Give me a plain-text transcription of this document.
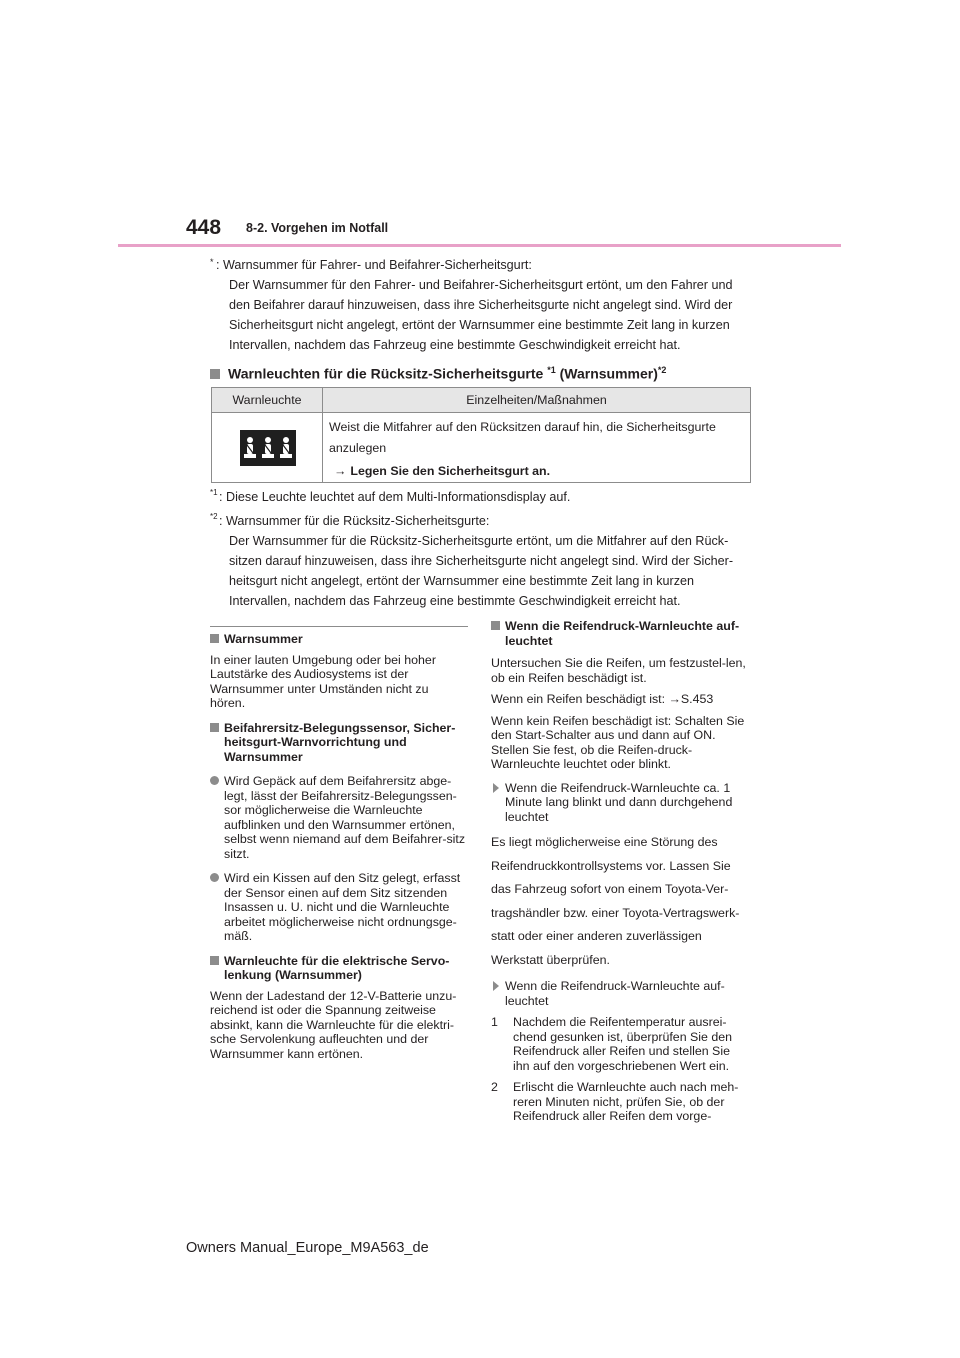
448 8-2. Vorgehen im Notfall
* : Warnsummer für Fahrer- und Beifahrer-Sicherheitsgurt:
Der Warnsummer für den Fahrer- und Beifahrer-Sicherheitsgurt ertönt, um den Fahrer und
den Beifahrer darauf hinzuweisen, dass ihre Sicherheitsgurte nicht angelegt sind. Wird der
Sicherheitsgurt nicht angelegt, ertönt der Warnsummer eine bestimmte Zeit lang in kurzen
Intervallen, nachdem das Fahrzeug eine bestimmte Geschwindigkeit erreicht hat.
Warnleuchten für die Rücksitz-Sicherheitsgurte $^{*1}$ (Warnsummer)$^{*2}$
Warnleuchte	Einzelheiten/Maßnahmen

Weist die Mitfahrer auf den Rücksitzen darauf hin, die Sicherheitsgurte
anzulegen
→ Legen Sie den Sicherheitsgurt an.
*1 : Diese Leuchte leuchtet auf dem Multi-Informationsdisplay auf.
*2 : Warnsummer für die Rücksitz-Sicherheitsgurte:
Der Warnsummer für die Rücksitz-Sicherheitsgurte ertönt, um die Mitfahrer auf den Rück-
sitzen darauf hinzuweisen, dass ihre Sicherheitsgurte nicht angelegt sind. Wird der Sicher-
heitsgurt nicht angelegt, ertönt der Warnsummer eine bestimmte Zeit lang in kurzen
Intervallen, nachdem das Fahrzeug eine bestimmte Geschwindigkeit erreicht hat.
Warnsummer
In einer lauten Umgebung oder bei hoher Lautstärke des Audiosystems ist der Warnsummer unter Umständen nicht zu hören.
Beifahrersitz-Belegungssensor, Sicher-heitsgurt-Warnvorrichtung und Warnsummer
Wird Gepäck auf dem Beifahrersitz abge-legt, lässt der Beifahrersitz-Belegungssen-sor möglicherweise die Warnleuchte aufblinken und den Warnsummer ertönen, selbst wenn niemand auf dem Beifahrer-sitz sitzt.
Wird ein Kissen auf den Sitz gelegt, erfasst der Sensor einen auf dem Sitz sitzenden Insassen u. U. nicht und die Warnleuchte arbeitet möglicherweise nicht ordnungsge-mäß.
Warnleuchte für die elektrische Servo-lenkung (Warnsummer)
Wenn der Ladestand der 12-V-Batterie unzu-reichend ist oder die Spannung zeitweise absinkt, kann die Warnleuchte für die elektri-sche Servolenkung aufleuchten und der Warnsummer kann ertönen.
Wenn die Reifendruck-Warnleuchte auf-leuchtet
Untersuchen Sie die Reifen, um festzustel-len, ob ein Reifen beschädigt ist.
Wenn ein Reifen beschädigt ist: →S.453
Wenn kein Reifen beschädigt ist: Schalten Sie den Start-Schalter aus und dann auf ON. Stellen Sie fest, ob die Reifen-druck-Warnleuchte leuchtet oder blinkt.
Wenn die Reifendruck-Warnleuchte ca. 1 Minute lang blinkt und dann durchgehend leuchtet
Es liegt möglicherweise eine Störung des
Reifendruckkontrollsystems vor. Lassen Sie
das Fahrzeug sofort von einem Toyota-Ver-
tragshändler bzw. einer Toyota-Vertragswerk-
statt oder einer anderen zuverlässigen
Werkstatt überprüfen.
Wenn die Reifendruck-Warnleuchte auf-leuchtet
1 Nachdem die Reifentemperatur ausrei-chend gesunken ist, überprüfen Sie den Reifendruck aller Reifen und stellen Sie ihn auf den vorgeschriebenen Wert ein.
2 Erlischt die Warnleuchte auch nach meh-reren Minuten nicht, prüfen Sie, ob der Reifendruck aller Reifen dem vorge-
Owners Manual_Europe_M9A563_de
